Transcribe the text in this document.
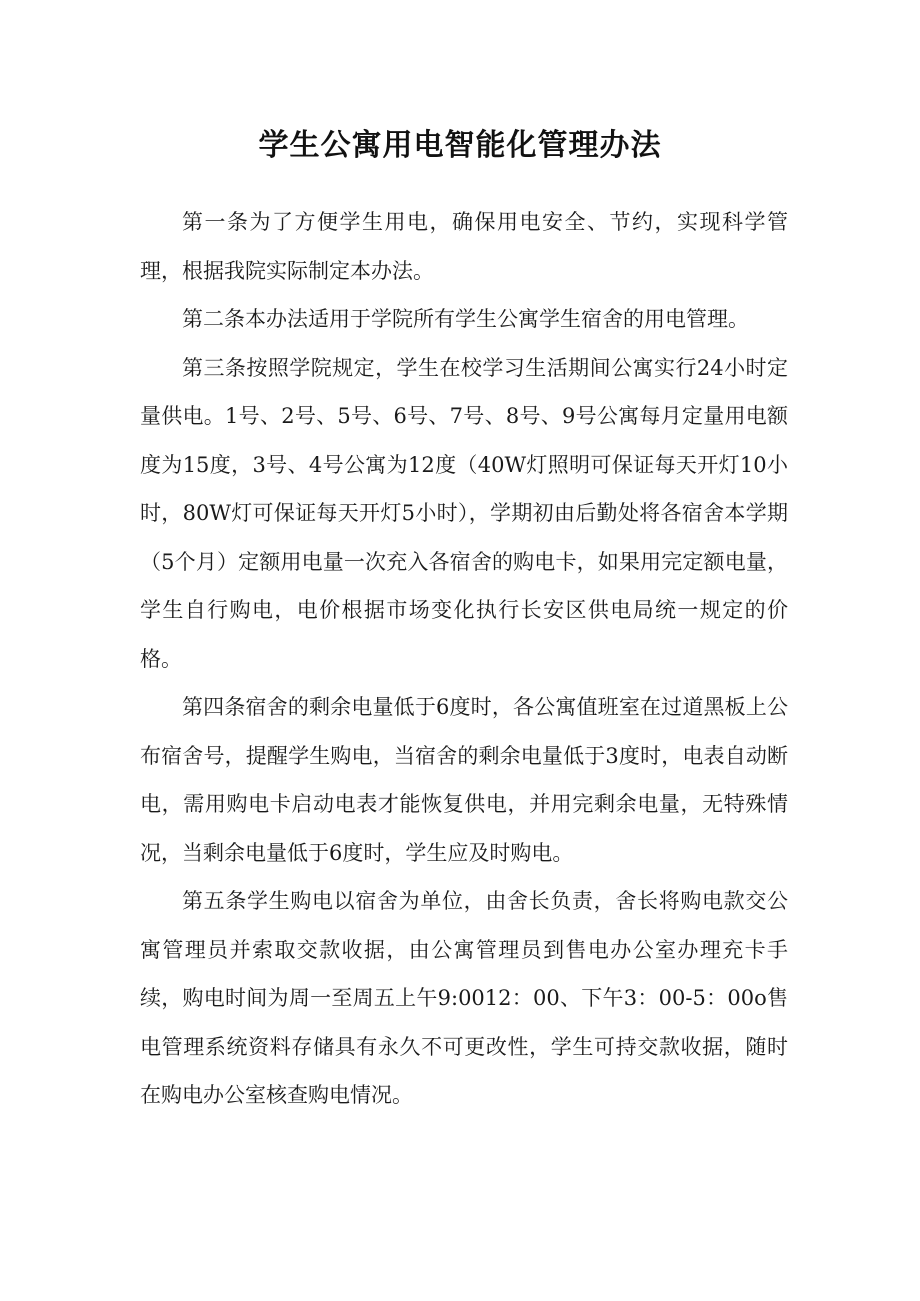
学生公寓用电智能化管理办法

第一条为了方便学生用电，确保用电安全、节约，实现科学管理，根据我院实际制定本办法。

第二条本办法适用于学院所有学生公寓学生宿舍的用电管理。

第三条按照学院规定，学生在校学习生活期间公寓实行24小时定量供电。1号、2号、5号、6号、7号、8号、9号公寓每月定量用电额度为15度，3号、4号公寓为12度（40W灯照明可保证每天开灯10小时，80W灯可保证每天开灯5小时），学期初由后勤处将各宿舍本学期（5个月）定额用电量一次充入各宿舍的购电卡，如果用完定额电量，学生自行购电，电价根据市场变化执行长安区供电局统一规定的价格。

第四条宿舍的剩余电量低于6度时，各公寓值班室在过道黑板上公布宿舍号，提醒学生购电，当宿舍的剩余电量低于3度时，电表自动断电，需用购电卡启动电表才能恢复供电，并用完剩余电量，无特殊情况，当剩余电量低于6度时，学生应及时购电。

第五条学生购电以宿舍为单位，由舍长负责，舍长将购电款交公寓管理员并索取交款收据，由公寓管理员到售电办公室办理充卡手续，购电时间为周一至周五上午9:0012：00、下午3：00-5：00o售电管理系统资料存储具有永久不可更改性，学生可持交款收据，随时在购电办公室核查购电情况。
